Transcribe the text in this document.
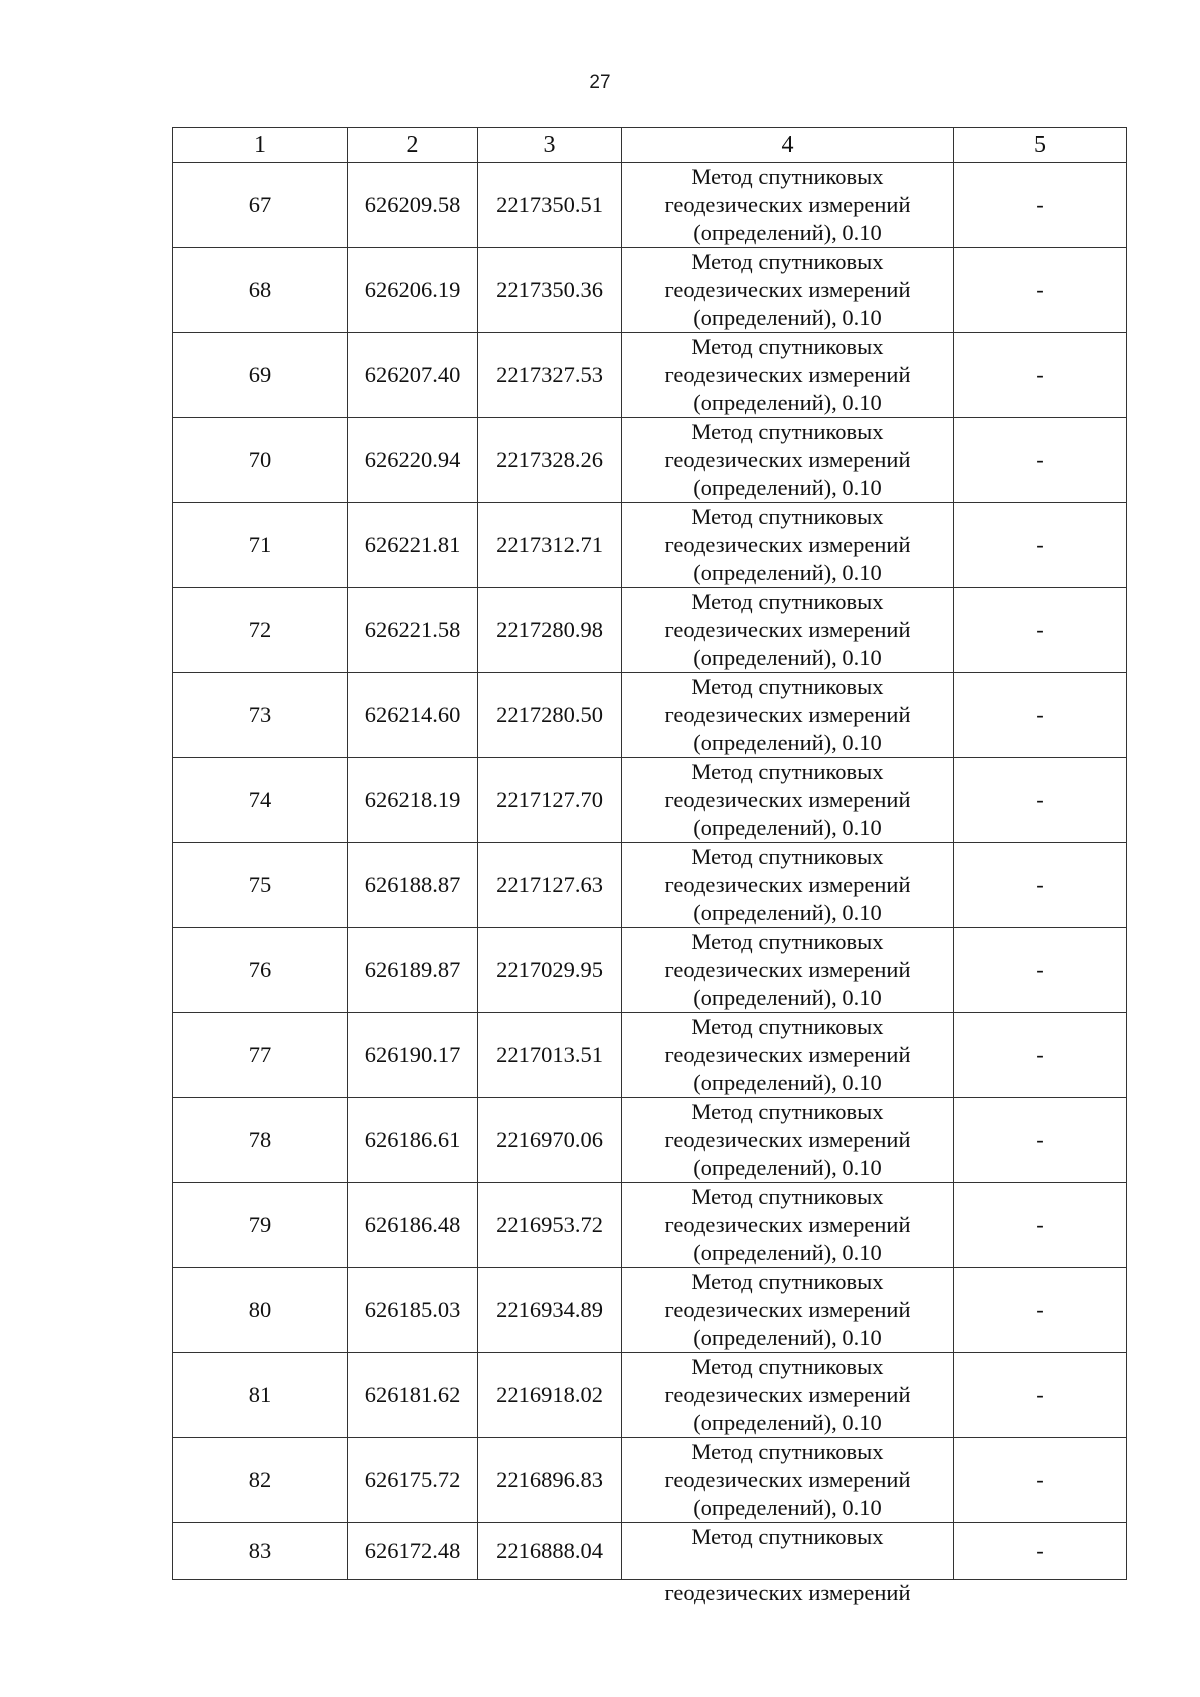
27
1	2	3	4	5
67	626209.58	2217350.51	Метод спутниковых
геодезических измерений
(определений), 0.10	-
68	626206.19	2217350.36	Метод спутниковых
геодезических измерений
(определений), 0.10	-
69	626207.40	2217327.53	Метод спутниковых
геодезических измерений
(определений), 0.10	-
70	626220.94	2217328.26	Метод спутниковых
геодезических измерений
(определений), 0.10	-
71	626221.81	2217312.71	Метод спутниковых
геодезических измерений
(определений), 0.10	-
72	626221.58	2217280.98	Метод спутниковых
геодезических измерений
(определений), 0.10	-
73	626214.60	2217280.50	Метод спутниковых
геодезических измерений
(определений), 0.10	-
74	626218.19	2217127.70	Метод спутниковых
геодезических измерений
(определений), 0.10	-
75	626188.87	2217127.63	Метод спутниковых
геодезических измерений
(определений), 0.10	-
76	626189.87	2217029.95	Метод спутниковых
геодезических измерений
(определений), 0.10	-
77	626190.17	2217013.51	Метод спутниковых
геодезических измерений
(определений), 0.10	-
78	626186.61	2216970.06	Метод спутниковых
геодезических измерений
(определений), 0.10	-
79	626186.48	2216953.72	Метод спутниковых
геодезических измерений
(определений), 0.10	-
80	626185.03	2216934.89	Метод спутниковых
геодезических измерений
(определений), 0.10	-
81	626181.62	2216918.02	Метод спутниковых
геодезических измерений
(определений), 0.10	-
82	626175.72	2216896.83	Метод спутниковых
геодезических измерений
(определений), 0.10	-
83	626172.48	2216888.04	Метод спутниковых

геодезических измерений	-
